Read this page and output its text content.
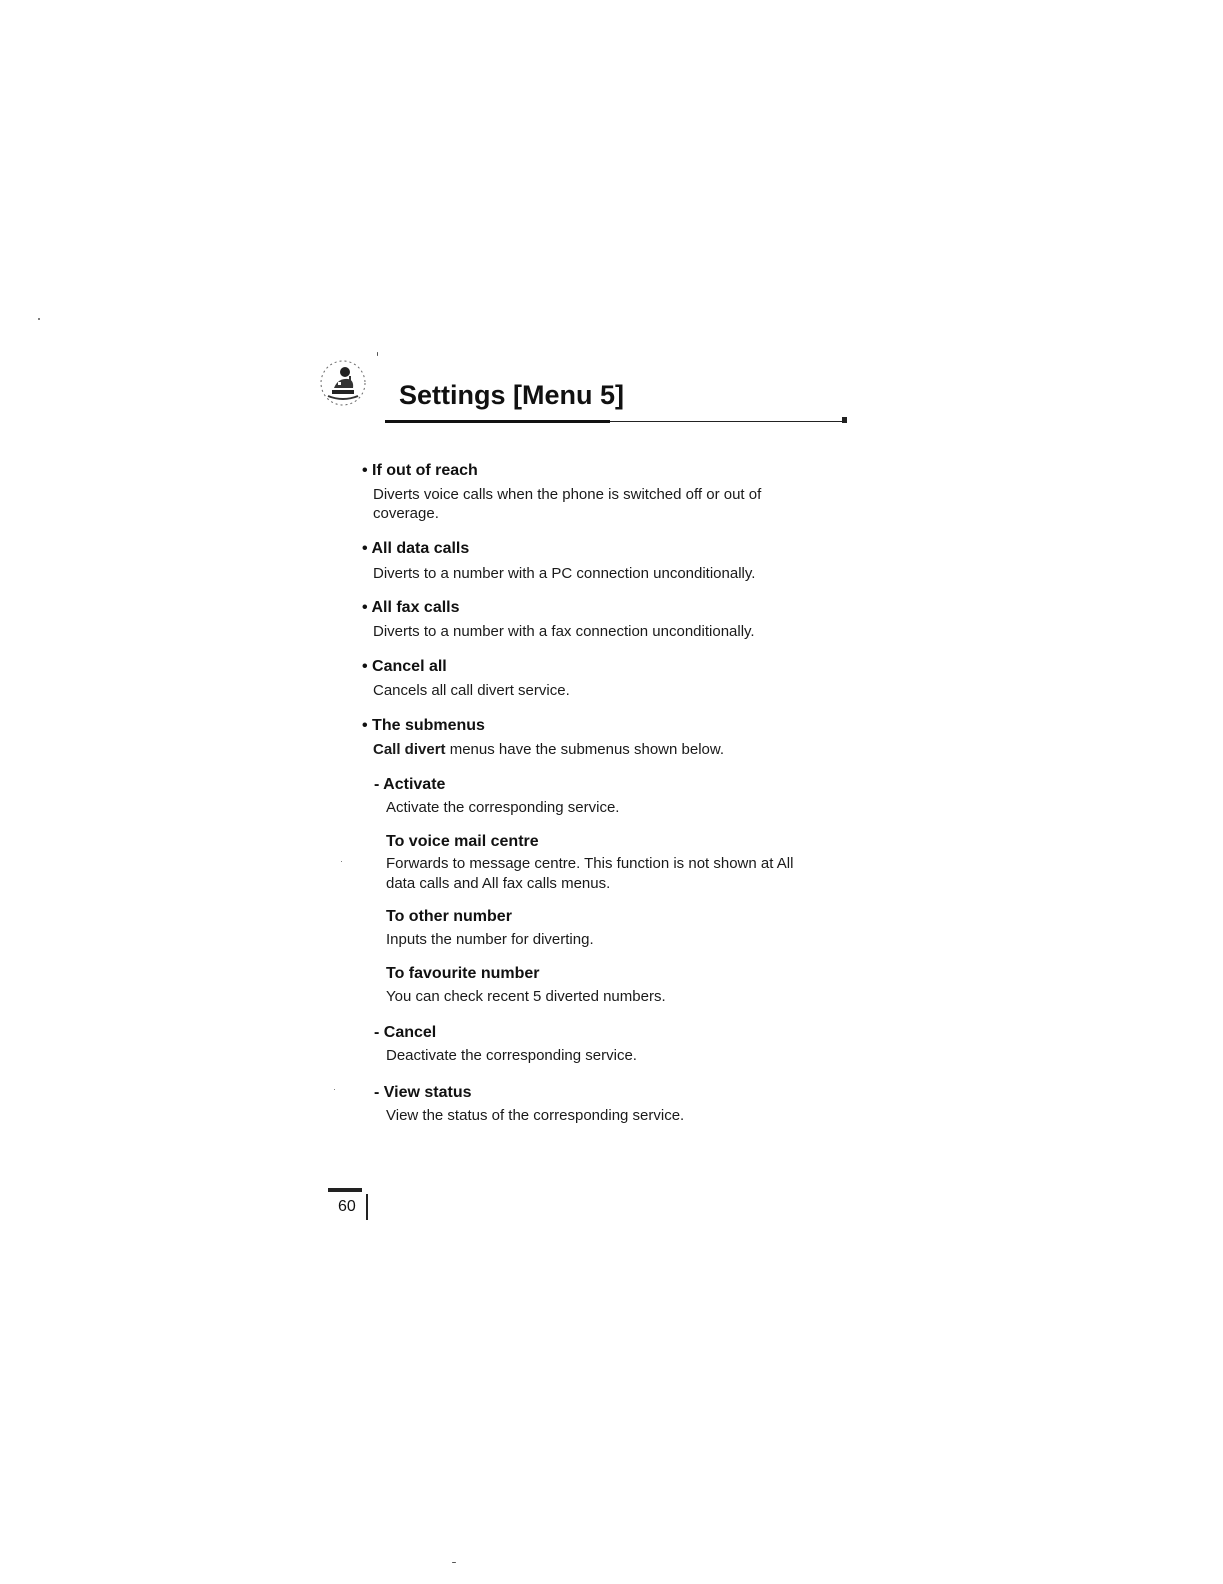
Settings [Menu 5]
• If out of reach
Diverts voice calls when the phone is switched off or out of
coverage.
• All data calls
Diverts to a number with a PC connection unconditionally.
• All fax calls
Diverts to a number with a fax connection unconditionally.
• Cancel all
Cancels all call divert service.
• The submenus
Call divert menus have the submenus shown below.
- Activate
Activate the corresponding service.
To voice mail centre
Forwards to message centre. This function is not shown at All
data calls and All fax calls menus.
To other number
Inputs the number for diverting.
To favourite number
You can check recent 5 diverted numbers.
- Cancel
Deactivate the corresponding service.
- View status
View the status of the corresponding service.
60
